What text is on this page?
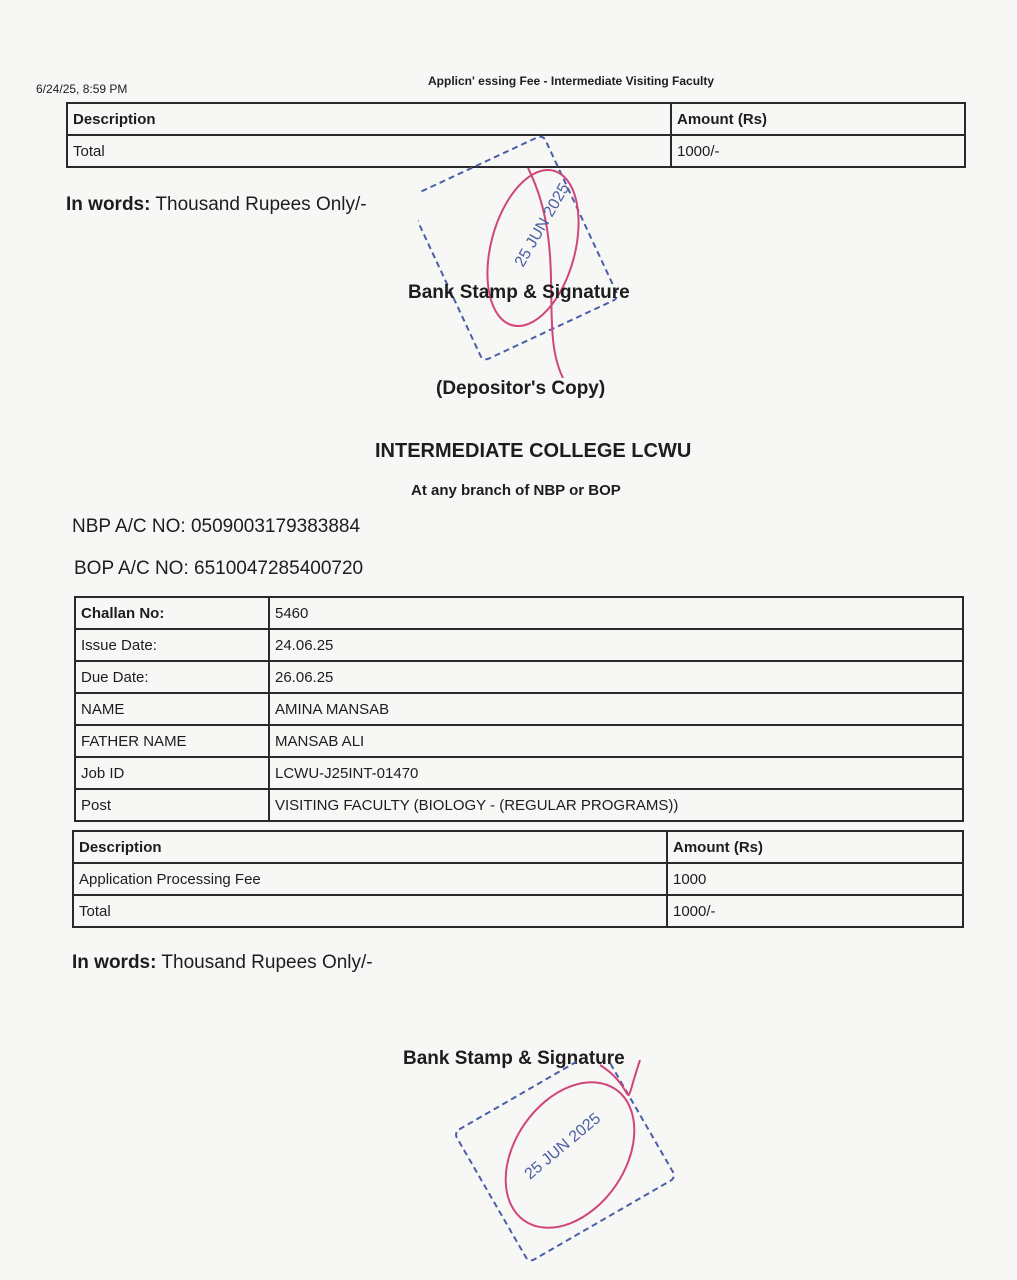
6/24/25, 8:59 PM
Applicn' essing Fee - Intermediate Visiting Faculty
Description	Amount (Rs)
Total	1000/-
In words: Thousand Rupees Only/-	25 JUN 2025
Bank Stamp & Signature
(Depositor's Copy)
INTERMEDIATE COLLEGE LCWU
At any branch of NBP or BOP
NBP A/C NO: 0509003179383884
BOP A/C NO: 6510047285400720
Challan No:	5460
Issue Date:	24.06.25
Due Date:	26.06.25
NAME	AMINA MANSAB
FATHER NAME	MANSAB ALI
Job ID	LCWU-J25INT-01470
Post	VISITING FACULTY (BIOLOGY - (REGULAR PROGRAMS))
Description	Amount (Rs)
Application Processing Fee	1000
Total	1000/-
In words: Thousand Rupees Only/-
Bank Stamp & Signature
25 JUN 2025
